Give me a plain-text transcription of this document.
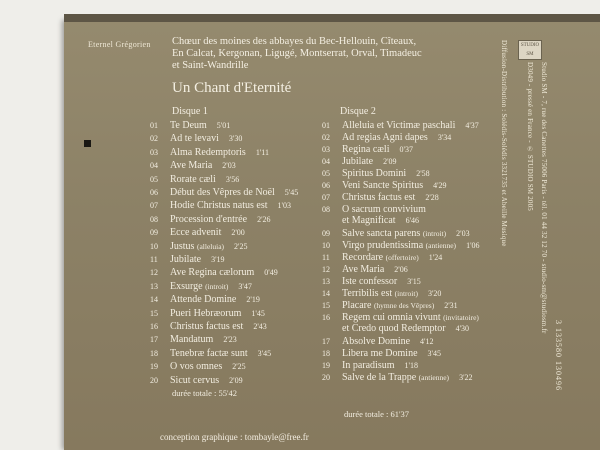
Eternel Grégorien Chœur des moines des abbayes du Bec-Hellouin, Cîteaux,
En Calcat, Kergonan, Ligugé, Montserrat, Orval, Timadeuc
et Saint-Wandrille
Un Chant d'Eternité
Disque 1	Disque 2
01 Te Deum 5'01
02 Ad te levavi 3'30
03 Alma Redemptoris 1'11
04 Ave Maria 2'03
05 Rorate cæli 3'56
06 Début des Vêpres de Noël 5'45
07 Hodie Christus natus est 1'03
08 Procession d'entrée 2'26
09 Ecce advenit 2'00
10 Justus (alleluia) 2'25
11 Jubilate 3'19
12 Ave Regina cælorum 0'49
13 Exsurge (introit) 3'47
14 Attende Domine 2'19
15 Pueri Hebræorum 1'45
16 Christus factus est 2'43
17 Mandatum 2'23
18 Tenebræ factæ sunt 3'45
19 O vos omnes 2'25
20 Sicut cervus 2'09
01 Alleluia et Victimæ paschali 4'37
02 Ad regias Agni dapes 3'34
03 Regina cæli 0'37
04 Jubilate 2'09
05 Spiritus Domini 2'58
06 Veni Sancte Spiritus 4'29
07 Christus factus est 2'28
08 O sacrum convivium
et Magnificat 6'46
09 Salve sancta parens (introit) 2'03
10 Virgo prudentissima (antienne) 1'06
11 Recordare (offertoire) 1'24
12 Ave Maria 2'06
13 Iste confessor 3'15
14 Terribilis est (introit) 3'20
15 Placare (hymne des Vêpres) 2'31
16 Regem cui omnia vivunt (invitatoire)
et Credo quod Redemptor 4'30
17 Absolve Domine 4'12
18 Libera me Domine 3'45
19 In paradisum 1'18
20 Salve de la Trappe (antienne) 3'22
durée totale : 55'42
durée totale : 61'37
conception graphique : tombayle@free.fr
STUDIO SM
Studio SM - 7, rue des Canettes 75006 Paris - tél. 01 44 32 12 70 - studio-sm@studiosm.fr
D3049 - pressé en France - ℗ STUDIO SM 2005
Diffusion-Distribution : Solédis-Solédis 3321735 et Abeille Musique
3 133580 130496
